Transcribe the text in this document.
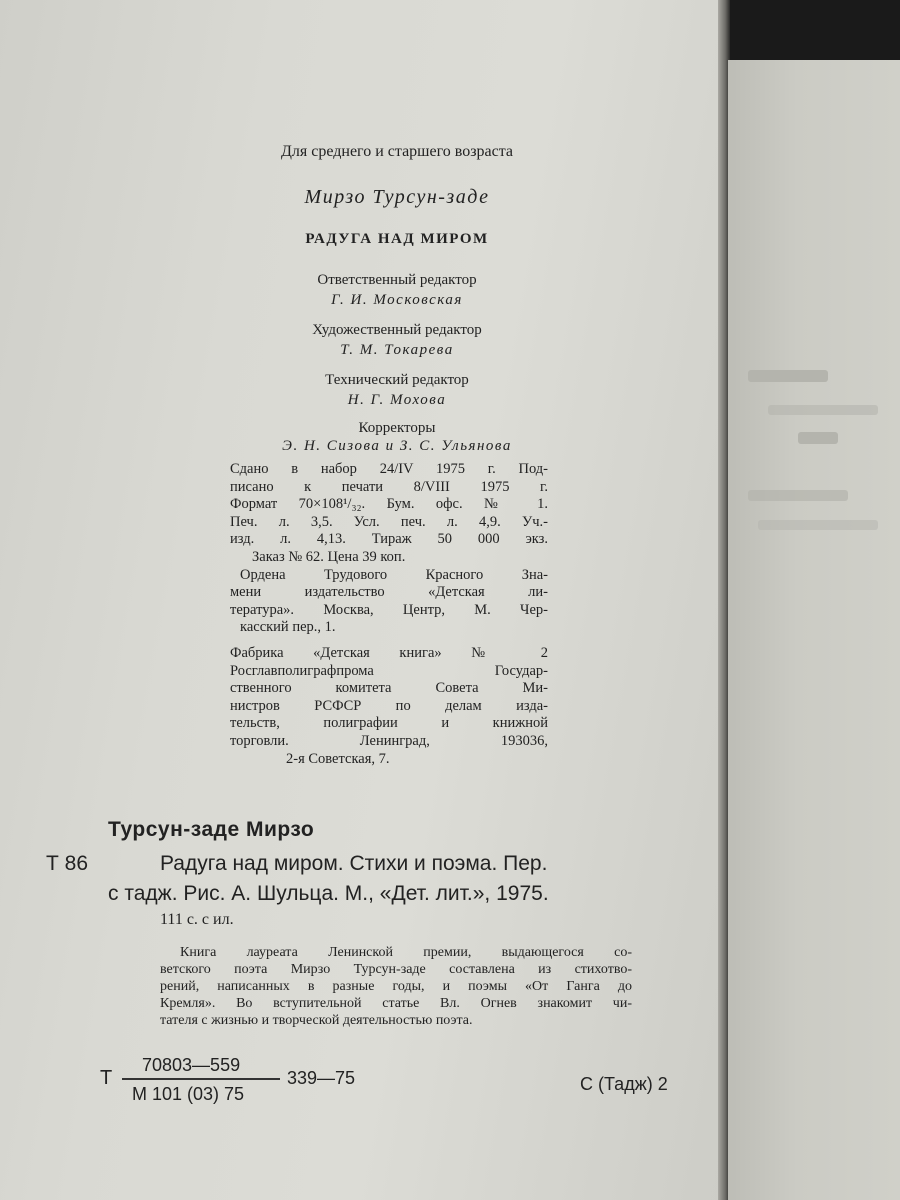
Для среднего и старшего возраста
Мирзо Турсун-заде
РАДУГА НАД МИРОМ
Ответственный редактор
Г. И. Московская
Художественный редактор
Т. М. Токарева
Технический редактор
Н. Г. Мохова
Корректоры
Э. Н. Сизова и З. С. Ульянова
Сдано в набор 24/IV 1975 г. Под-
писано к печати 8/VIII 1975 г.
Формат 70×108¹/₃₂. Бум. офс. № 1.
Печ. л. 3,5. Усл. печ. л. 4,9. Уч.-
изд. л. 4,13. Тираж 50 000 экз.
Заказ № 62. Цена 39 коп.
Ордена Трудового Красного Зна-
мени издательство «Детская ли-
тература». Москва, Центр, М. Чер-
касский пер., 1.
Фабрика «Детская книга» № 2
Росглавполиграфпрома Государ-
ственного комитета Совета Ми-
нистров РСФСР по делам изда-
тельств, полиграфии и книжной
торговли. Ленинград, 193036,
2-я Советская, 7.
Турсун-заде Мирзо
Т 86	Радуга над миром. Стихи и поэма. Пер.
с тадж. Рис. А. Шульца. М., «Дет. лит.», 1975.
111 с. с ил.
Книга лауреата Ленинской премии, выдающегося со-
ветского поэта Мирзо Турсун-заде составлена из стихотво-
рений, написанных в разные годы, и поэмы «От Ганга до
Кремля». Во вступительной статье Вл. Огнев знакомит чи-
тателя с жизнью и творческой деятельностью поэта.
Т
70803—559
М 101 (03) 75
339—75	С (Тадж) 2
